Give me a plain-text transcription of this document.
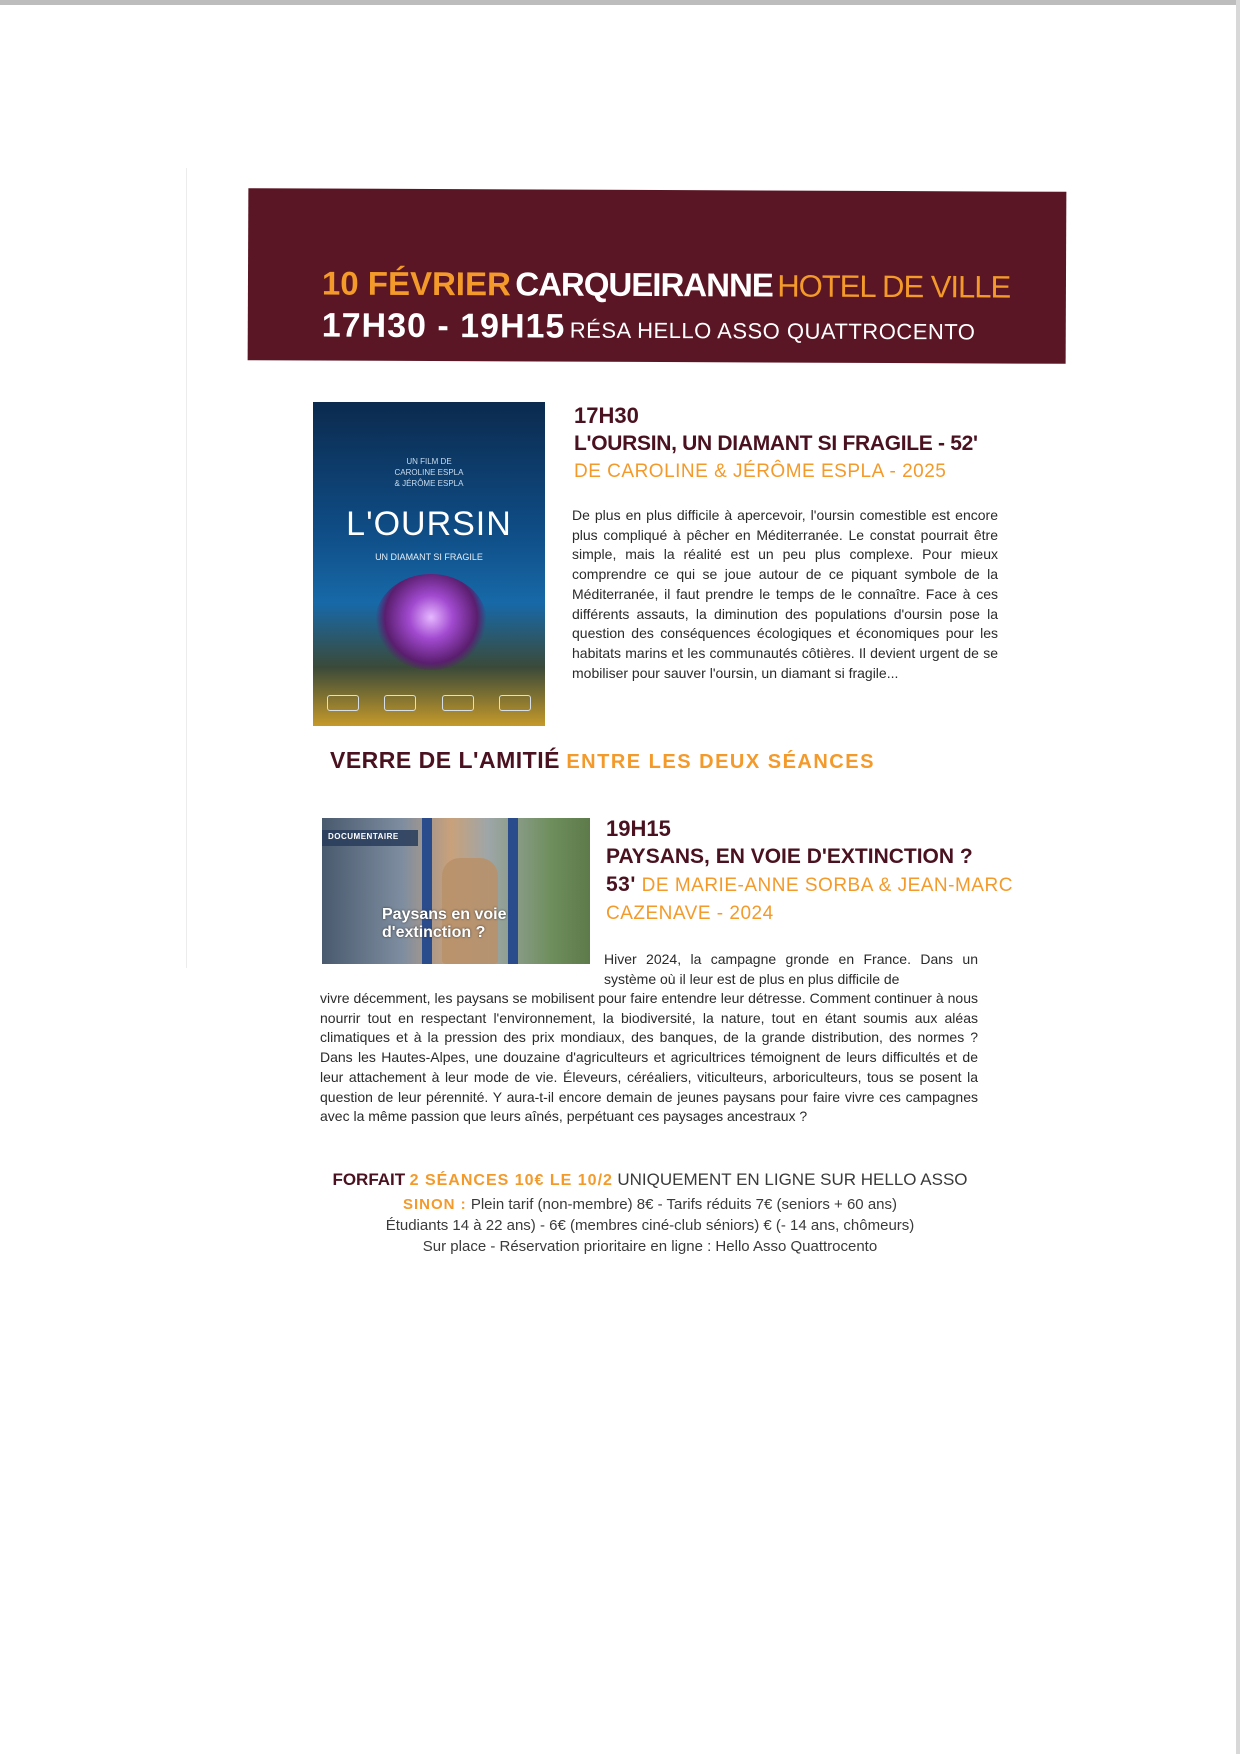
10 FÉVRIER CARQUEIRANNE HOTEL DE VILLE
17H30 - 19H15 RÉSA HELLO ASSO QUATTROCENTO
UN FILM DE
CAROLINE ESPLA
& JÉRÔME ESPLA
L'OURSIN
UN DIAMANT SI FRAGILE
17H30
L'OURSIN, UN DIAMANT SI FRAGILE - 52'
DE CAROLINE & JÉRÔME ESPLA - 2025
De plus en plus difficile à apercevoir, l'oursin comestible est encore plus compliqué à pêcher en Méditerranée. Le constat pourrait être simple, mais la réalité est un peu plus complexe. Pour mieux comprendre ce qui se joue autour de ce piquant symbole de la Méditerranée, il faut prendre le temps de le connaître. Face à ces différents assauts, la diminution des populations d'oursin pose la question des conséquences écologiques et économiques pour les habitats marins et les communautés côtières. Il devient urgent de se mobiliser pour sauver l'oursin, un diamant si fragile...
VERRE DE L'AMITIÉ ENTRE LES DEUX SÉANCES
DOCUMENTAIRE
Paysans en voie
d'extinction ?
19H15
PAYSANS, EN VOIE D'EXTINCTION ?
53' DE MARIE-ANNE SORBA & JEAN-MARC CAZENAVE - 2024
Hiver 2024, la campagne gronde en France. Dans un système où il leur est de plus en plus difficile de
vivre décemment, les paysans se mobilisent pour faire entendre leur détresse. Comment continuer à nous nourrir tout en respectant l'environnement, la biodiversité, la nature, tout en étant soumis aux aléas climatiques et à la pression des prix mondiaux, des banques, de la grande distribution, des normes ? Dans les Hautes-Alpes, une douzaine d'agriculteurs et agricultrices témoignent de leurs difficultés et de leur attachement à leur mode de vie. Éleveurs, céréaliers, viticulteurs, arboriculteurs, tous se posent la question de leur pérennité. Y aura-t-il encore demain de jeunes paysans pour faire vivre ces campagnes avec la même passion que leurs aînés, perpétuant ces paysages ancestraux ?
FORFAIT 2 SÉANCES 10€ LE 10/2 UNIQUEMENT EN LIGNE SUR HELLO ASSO
SINON : Plein tarif (non-membre) 8€ - Tarifs réduits 7€ (seniors + 60 ans)
Étudiants 14 à 22 ans) - 6€ (membres ciné-club séniors) € (- 14 ans, chômeurs)
Sur place - Réservation prioritaire en ligne : Hello Asso Quattrocento
